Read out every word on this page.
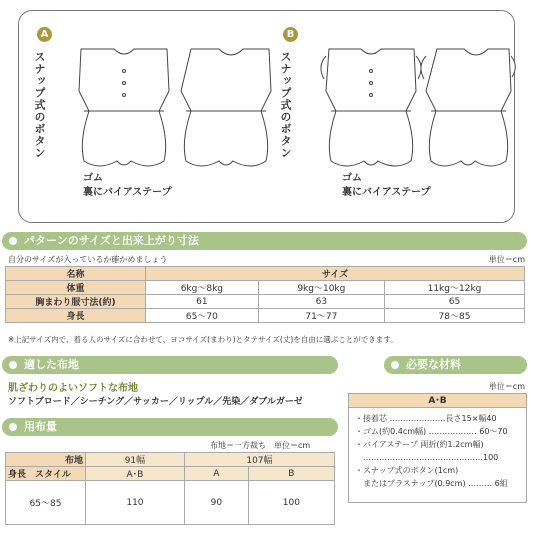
A	B
スナップ式のボタン	スナップ式のボタン
ゴム
裏にバイアステープ
ゴム
裏にバイアステープ
パターンのサイズと出来上がり寸法
自分のサイズが入っているか確かめましょう	単位＝cm
名称	サイズ		
体重	6kg～8kg	9kg～10kg	11kg～12kg
胸まわり服寸法(約)	61	63	65
身長	65～70	71～77	78～85
※上記サイズ内で、着る人のサイズに合わせて、ヨコサイズ(まわり)とタテサイズ(丈)を自由に選ぶことができます。
適した布地
肌ざわりのよいソフトな布地
ソフトブロード／シーチング／サッカー／リップル／先染／ダブルガーゼ
用布量
布地＝一方裁ち　単位＝cm
布地	91幅	107幅	
身長　 スタイル	A･B	A	B
65～85	110	90	100
必要な材料
単位＝cm
A･B
・接着芯 …………………長さ15×幅40
・ゴム(約0.4cm幅) ……………… 60～70
・バイアステープ 両折(約1.2cm幅)
　………………………………………100
・スナップ式のボタン(1cm)
　またはプラスナップ(0.9cm) ……… 6組
